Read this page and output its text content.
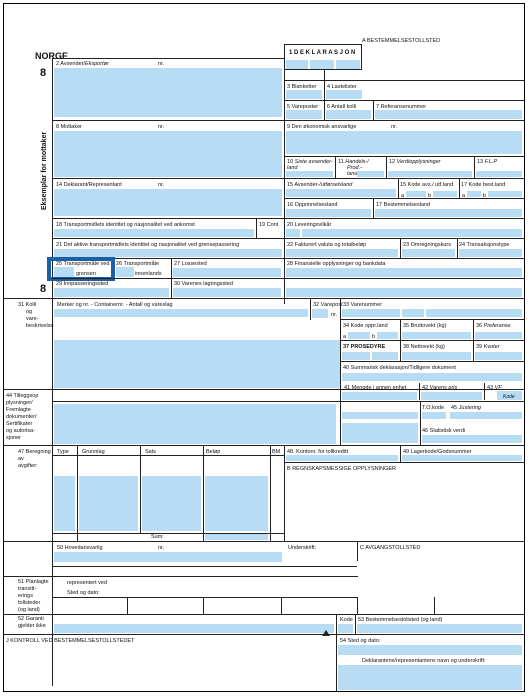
NORGE
8
8
Eksemplar for mottaker
A BESTEMMELSESTOLLSTED
1 D E K L A R A S J O N
2 Avsender/Eksportør	nr.
3 Blanketter 4 Lastelister
5 Vareposter 6 Antall kolli	7 Referansenummer
8 Mottaker	nr.	9 Den økonomisk ansvarlige	nr.
10 Siste avsender-
land
11 Handels-/
Prod.-
land
12 Verdiopplysninger	13 F.L.P
14 Deklarant/Representant	nr.	15 Avsender-/utførselsland	15 Kode avs./ utf.land 17 Kode best.land
a	b	a	b
16 Opprinnelsesland	17 Bestemmelsesland
18 Transportmidlets identitet og nasjonalitet ved ankomst	19 Cont 20 Leveringsvilkår
21 Det aktive transportmidlets identitet og nasjonalitet ved grensepassering	22 Fakturert valuta og totalbeløp	23 Omregningskurs 24 Transaksjonstype
25 Transportmåte ved
grensen
26 Transportmåte
innenlands
27 Lossested	28 Finansielle opplysninger og bankdata
29 Innpasseringssted	30 Varenes lagringssted
31 Kolli
og
vare-
beskrivelse
Merker og nr. - Containernr. - Antall og vareslag	32 Varepost
nr.
33 Varenummer
34 Kode oppr.land	35 Bruttovekt (kg)	36 Preferanse
a	b
37 PROSEDYRE	38 Nettovekt (kg)	39 Kvoter
40 Summarisk deklarasjon/Tidligere dokument
41 Mengde i annen enhet	42 Varens pris	43 VF
Kode
44 Tilleggsop
plysninger/
Fremlagte
dokumenter/
Sertifikater
og autorisa-
sjoner
T.O.kode 45 Justering
46 Statistisk verdi
47 Beregning
av
avgifter:
Type Grunnlag	Sats	Beløp	BM
Sum:
48. Kontonr. for tollkreditt	49 Lagerkode/Godsnummer
B REGNSKAPSMESSIGE OPPLYSNINGER
50 Hovedansvarlig	nr.	Underskrift:	C AVGANGSTOLLSTED
51 Planlagte
transitt-
erings
tollsteder
(og land)
representert ved
Sted og dato:
52 Garanti
gjelder ikke
Kode 53 Bestemmelsestolisted (og land)
J KONTROLL VED BESTEMMELSESTOLLSTEDET	54 Sted og dato:
Deklarantens/representantens navn og underskrift:
